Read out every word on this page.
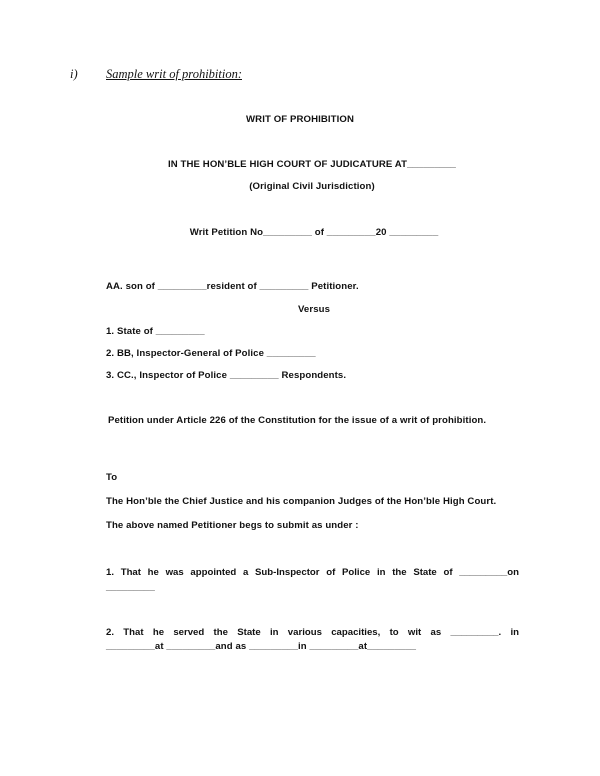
i) Sample writ of prohibition:
WRIT OF PROHIBITION
IN THE HON’BLE HIGH COURT OF JUDICATURE AT_________
(Original Civil Jurisdiction)
Writ Petition No_________ of _________20 _________
AA. son of _________resident of _________ Petitioner.
Versus
1. State of _________
2. BB, Inspector-General of Police _________
3. CC., Inspector of Police _________ Respondents.
Petition under Article 226 of the Constitution for the issue of a writ of prohibition.
To
The Hon’ble the Chief Justice and his companion Judges of the Hon’ble High Court.
The above named Petitioner begs to submit as under :
1. That he was appointed a Sub-Inspector of Police in the State of _________on
_________
2. That he served the State in various capacities, to wit as _________. in
_________at _________and as _________in _________at_________
